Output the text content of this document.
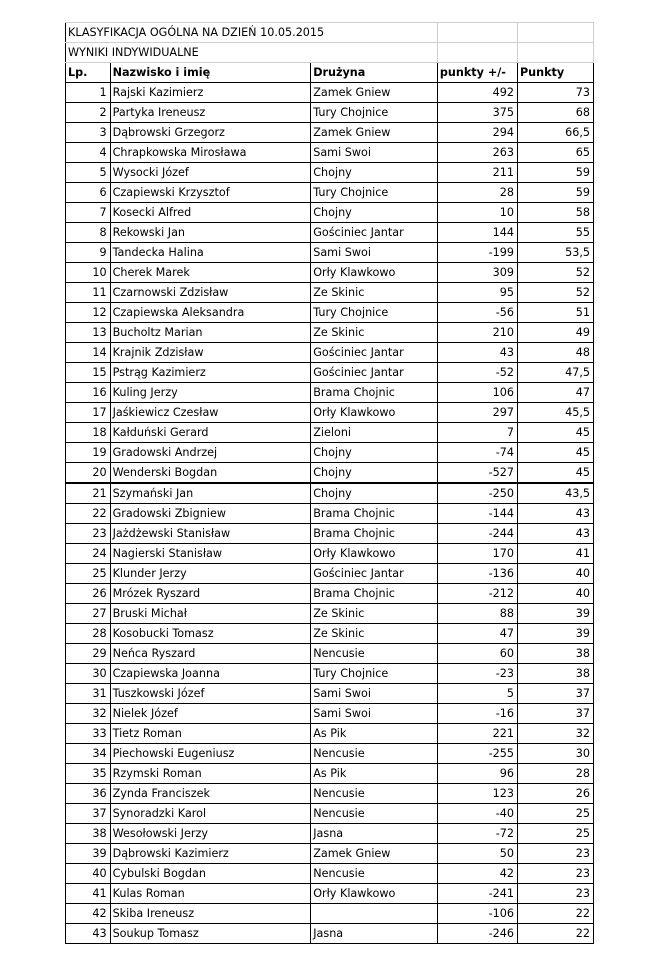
KLASYFIKACJA OGÓLNA NA DZIEŃ 10.05.2015				
WYNIKI INDYWIDUALNE				
Lp.	Nazwisko i imię	Drużyna	punkty +/-	Punkty
1	Rajski Kazimierz	Zamek Gniew	492	73
2	Partyka Ireneusz	Tury Chojnice	375	68
3	Dąbrowski Grzegorz	Zamek Gniew	294	66,5
4	Chrapkowska Mirosława	Sami Swoi	263	65
5	Wysocki Józef	Chojny	211	59
6	Czapiewski Krzysztof	Tury Chojnice	28	59
7	Kosecki Alfred	Chojny	10	58
8	Rekowski Jan	Gościniec Jantar	144	55
9	Tandecka Halina	Sami Swoi	-199	53,5
10	Cherek Marek	Orły Klawkowo	309	52
11	Czarnowski Zdzisław	Ze Skinic	95	52
12	Czapiewska Aleksandra	Tury Chojnice	-56	51
13	Bucholtz Marian	Ze Skinic	210	49
14	Krajnik Zdzisław	Gościniec Jantar	43	48
15	Pstrąg Kazimierz	Gościniec Jantar	-52	47,5
16	Kuling Jerzy	Brama Chojnic	106	47
17	Jaśkiewicz Czesław	Orły Klawkowo	297	45,5
18	Kałduński Gerard	Zieloni	7	45
19	Gradowski Andrzej	Chojny	-74	45
20	Wenderski Bogdan	Chojny	-527	45
21	Szymański Jan	Chojny	-250	43,5
22	Gradowski Zbigniew	Brama Chojnic	-144	43
23	Jażdżewski Stanisław	Brama Chojnic	-244	43
24	Nagierski Stanisław	Orły Klawkowo	170	41
25	Klunder Jerzy	Gościniec Jantar	-136	40
26	Mrózek Ryszard	Brama Chojnic	-212	40
27	Bruski Michał	Ze Skinic	88	39
28	Kosobucki Tomasz	Ze Skinic	47	39
29	Neńca Ryszard	Nencusie	60	38
30	Czapiewska Joanna	Tury Chojnice	-23	38
31	Tuszkowski Józef	Sami Swoi	5	37
32	Nielek Józef	Sami Swoi	-16	37
33	Tietz Roman	As Pik	221	32
34	Piechowski Eugeniusz	Nencusie	-255	30
35	Rzymski Roman	As Pik	96	28
36	Zynda Franciszek	Nencusie	123	26
37	Synoradzki Karol	Nencusie	-40	25
38	Wesołowski Jerzy	Jasna	-72	25
39	Dąbrowski Kazimierz	Zamek Gniew	50	23
40	Cybulski Bogdan	Nencusie	42	23
41	Kulas Roman	Orły Klawkowo	-241	23
42	Skiba Ireneusz		-106	22
43	Soukup Tomasz	Jasna	-246	22
